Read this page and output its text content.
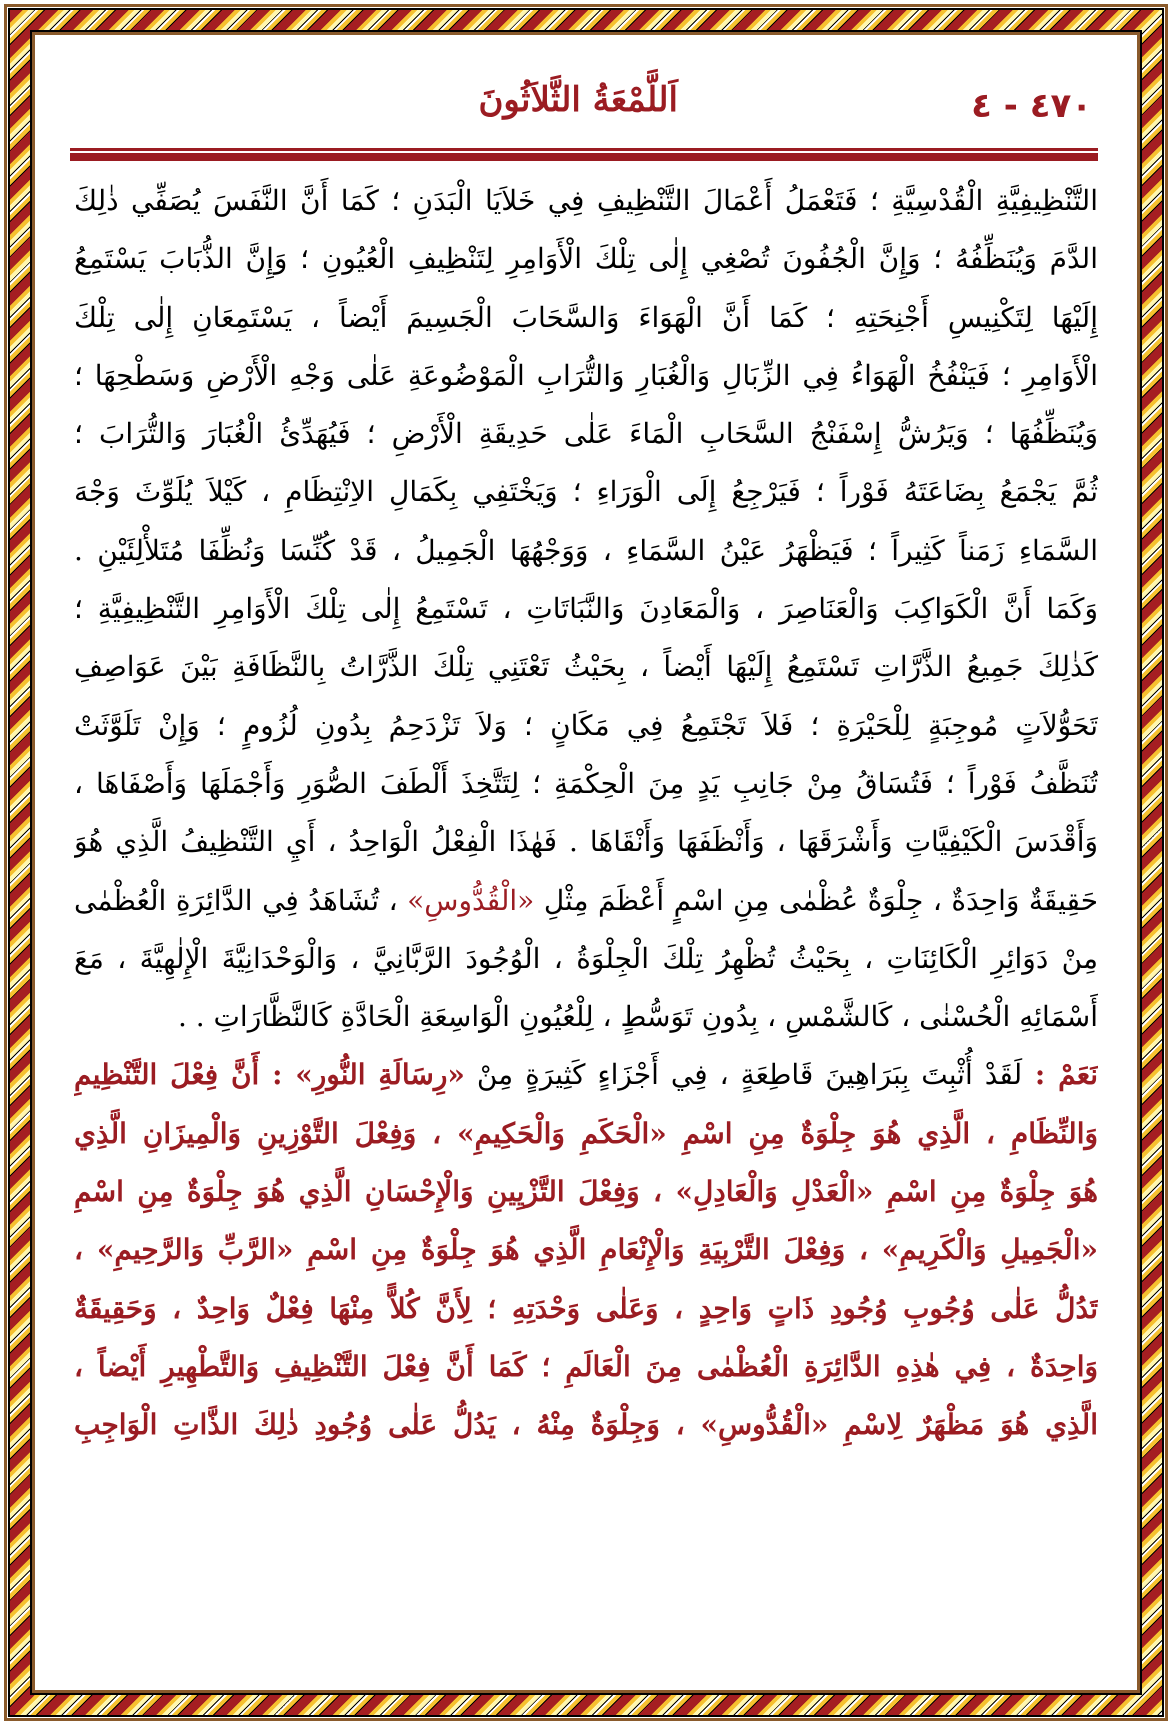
٤٧٠ - ٤
اَللَّمْعَةُ الثَّلاَثُونَ
التَّنْظِيفِيَّةِ الْقُدْسِيَّةِ ؛ فَتَعْمَلُ أَعْمَالَ التَّنْظِيفِ فِي خَلاَيَا الْبَدَنِ ؛ كَمَا أَنَّ النَّفَسَ يُصَفِّي ذٰلِكَ
الدَّمَ وَيُنَظِّفُهُ ؛ وَإِنَّ الْجُفُونَ تُصْغِي إِلٰى تِلْكَ الْأَوَامِرِ لِتَنْظِيفِ الْعُيُونِ ؛ وَإِنَّ الذُّبَابَ يَسْتَمِعُ
إِلَيْهَا لِتَكْنِيسِ أَجْنِحَتِهِ ؛ كَمَا أَنَّ الْهَوَاءَ وَالسَّحَابَ الْجَسِيمَ أَيْضاً ، يَسْتَمِعَانِ إِلٰى تِلْكَ
الْأَوَامِرِ ؛ فَيَنْفُخُ الْهَوَاءُ فِي الزِّبَالِ وَالْغُبَارِ وَالتُّرَابِ الْمَوْضُوعَةِ عَلٰى وَجْهِ الْأَرْضِ وَسَطْحِهَا ؛
وَيُنَظِّفُهَا ؛ وَيَرُشُّ إِسْفَنْجُ السَّحَابِ الْمَاءَ عَلٰى حَدِيقَةِ الْأَرْضِ ؛ فَيُهَدِّئُ الْغُبَارَ وَالتُّرَابَ ؛
ثُمَّ يَجْمَعُ بِضَاعَتَهُ فَوْراً ؛ فَيَرْجِعُ إِلَى الْوَرَاءِ ؛ وَيَخْتَفِي بِكَمَالِ الاِنْتِظَامِ ، كَيْلاَ يُلَوِّثَ وَجْهَ
السَّمَاءِ زَمَناً كَثِيراً ؛ فَيَظْهَرُ عَيْنُ السَّمَاءِ ، وَوَجْهُهَا الْجَمِيلُ ، قَدْ كُنِّسَا وَنُظِّفَا مُتَلأْلِئَيْنِ .
وَكَمَا أَنَّ الْكَوَاكِبَ وَالْعَنَاصِرَ ، وَالْمَعَادِنَ وَالنَّبَاتَاتِ ، تَسْتَمِعُ إِلٰى تِلْكَ الْأَوَامِرِ التَّنْظِيفِيَّةِ ؛
كَذٰلِكَ جَمِيعُ الذَّرَّاتِ تَسْتَمِعُ إِلَيْهَا أَيْضاً ، بِحَيْثُ تَعْتَنِي تِلْكَ الذَّرَّاتُ بِالنَّظَافَةِ بَيْنَ عَوَاصِفِ
تَحَوُّلاَتٍ مُوجِبَةٍ لِلْحَيْرَةِ ؛ فَلاَ تَجْتَمِعُ فِي مَكَانٍ ؛ وَلاَ تَزْدَحِمُ بِدُونِ لُزُومٍ ؛ وَإِنْ تَلَوَّثَتْ
تُنَظَّفُ فَوْراً ؛ فَتُسَاقُ مِنْ جَانِبِ يَدٍ مِنَ الْحِكْمَةِ ؛ لِتَتَّخِذَ أَلْطَفَ الصُّوَرِ وَأَجْمَلَهَا وَأَصْفَاهَا ،
وَأَقْدَسَ الْكَيْفِيَّاتِ وَأَشْرَقَهَا ، وَأَنْظَفَهَا وَأَنْقَاهَا . فَهٰذَا الْفِعْلُ الْوَاحِدُ ، أَيِ التَّنْظِيفُ الَّذِي هُوَ
حَقِيقَةٌ وَاحِدَةٌ ، جِلْوَةٌ عُظْمٰى مِنِ اسْمٍ أَعْظَمَ مِثْلِ «الْقُدُّوسِ» ، تُشَاهَدُ فِي الدَّائِرَةِ الْعُظْمٰى
مِنْ دَوَائِرِ الْكَائِنَاتِ ، بِحَيْثُ تُظْهِرُ تِلْكَ الْجِلْوَةُ ، الْوُجُودَ الرَّبَّانِيَّ ، وَالْوَحْدَانِيَّةَ الْإِلٰهِيَّةَ ، مَعَ
أَسْمَائِهِ الْحُسْنٰى ، كَالشَّمْسِ ، بِدُونِ تَوَسُّطٍ ، لِلْعُيُونِ الْوَاسِعَةِ الْحَادَّةِ كَالنَّظَّارَاتِ . .
نَعَمْ : لَقَدْ أُثْبِتَ بِبَرَاهِينَ قَاطِعَةٍ ، فِي أَجْزَاءٍ كَثِيرَةٍ مِنْ «رِسَالَةِ النُّورِ» : أَنَّ فِعْلَ التَّنْظِيمِ
وَالنِّظَامِ ، الَّذِي هُوَ جِلْوَةٌ مِنِ اسْمِ «الْحَكَمِ وَالْحَكِيمِ» ، وَفِعْلَ التَّوْزِينِ وَالْمِيزَانِ الَّذِي
هُوَ جِلْوَةٌ مِنِ اسْمِ «الْعَدْلِ وَالْعَادِلِ» ، وَفِعْلَ التَّزْيِينِ وَالْإِحْسَانِ الَّذِي هُوَ جِلْوَةٌ مِنِ اسْمِ
«الْجَمِيلِ وَالْكَرِيمِ» ، وَفِعْلَ التَّرْبِيَةِ وَالْإِنْعَامِ الَّذِي هُوَ جِلْوَةٌ مِنِ اسْمِ «الرَّبِّ وَالرَّحِيمِ» ،
تَدُلُّ عَلٰى وُجُوبِ وُجُودِ ذَاتٍ وَاحِدٍ ، وَعَلٰى وَحْدَتِهِ ؛ لِأَنَّ كُلاًّ مِنْهَا فِعْلٌ وَاحِدٌ ، وَحَقِيقَةٌ
وَاحِدَةٌ ، فِي هٰذِهِ الدَّائِرَةِ الْعُظْمٰى مِنَ الْعَالَمِ ؛ كَمَا أَنَّ فِعْلَ التَّنْظِيفِ وَالتَّطْهِيرِ أَيْضاً ،
الَّذِي هُوَ مَظْهَرٌ لِاسْمِ «الْقُدُّوسِ» ، وَجِلْوَةٌ مِنْهُ ، يَدُلُّ عَلٰى وُجُودِ ذٰلِكَ الذَّاتِ الْوَاجِبِ
